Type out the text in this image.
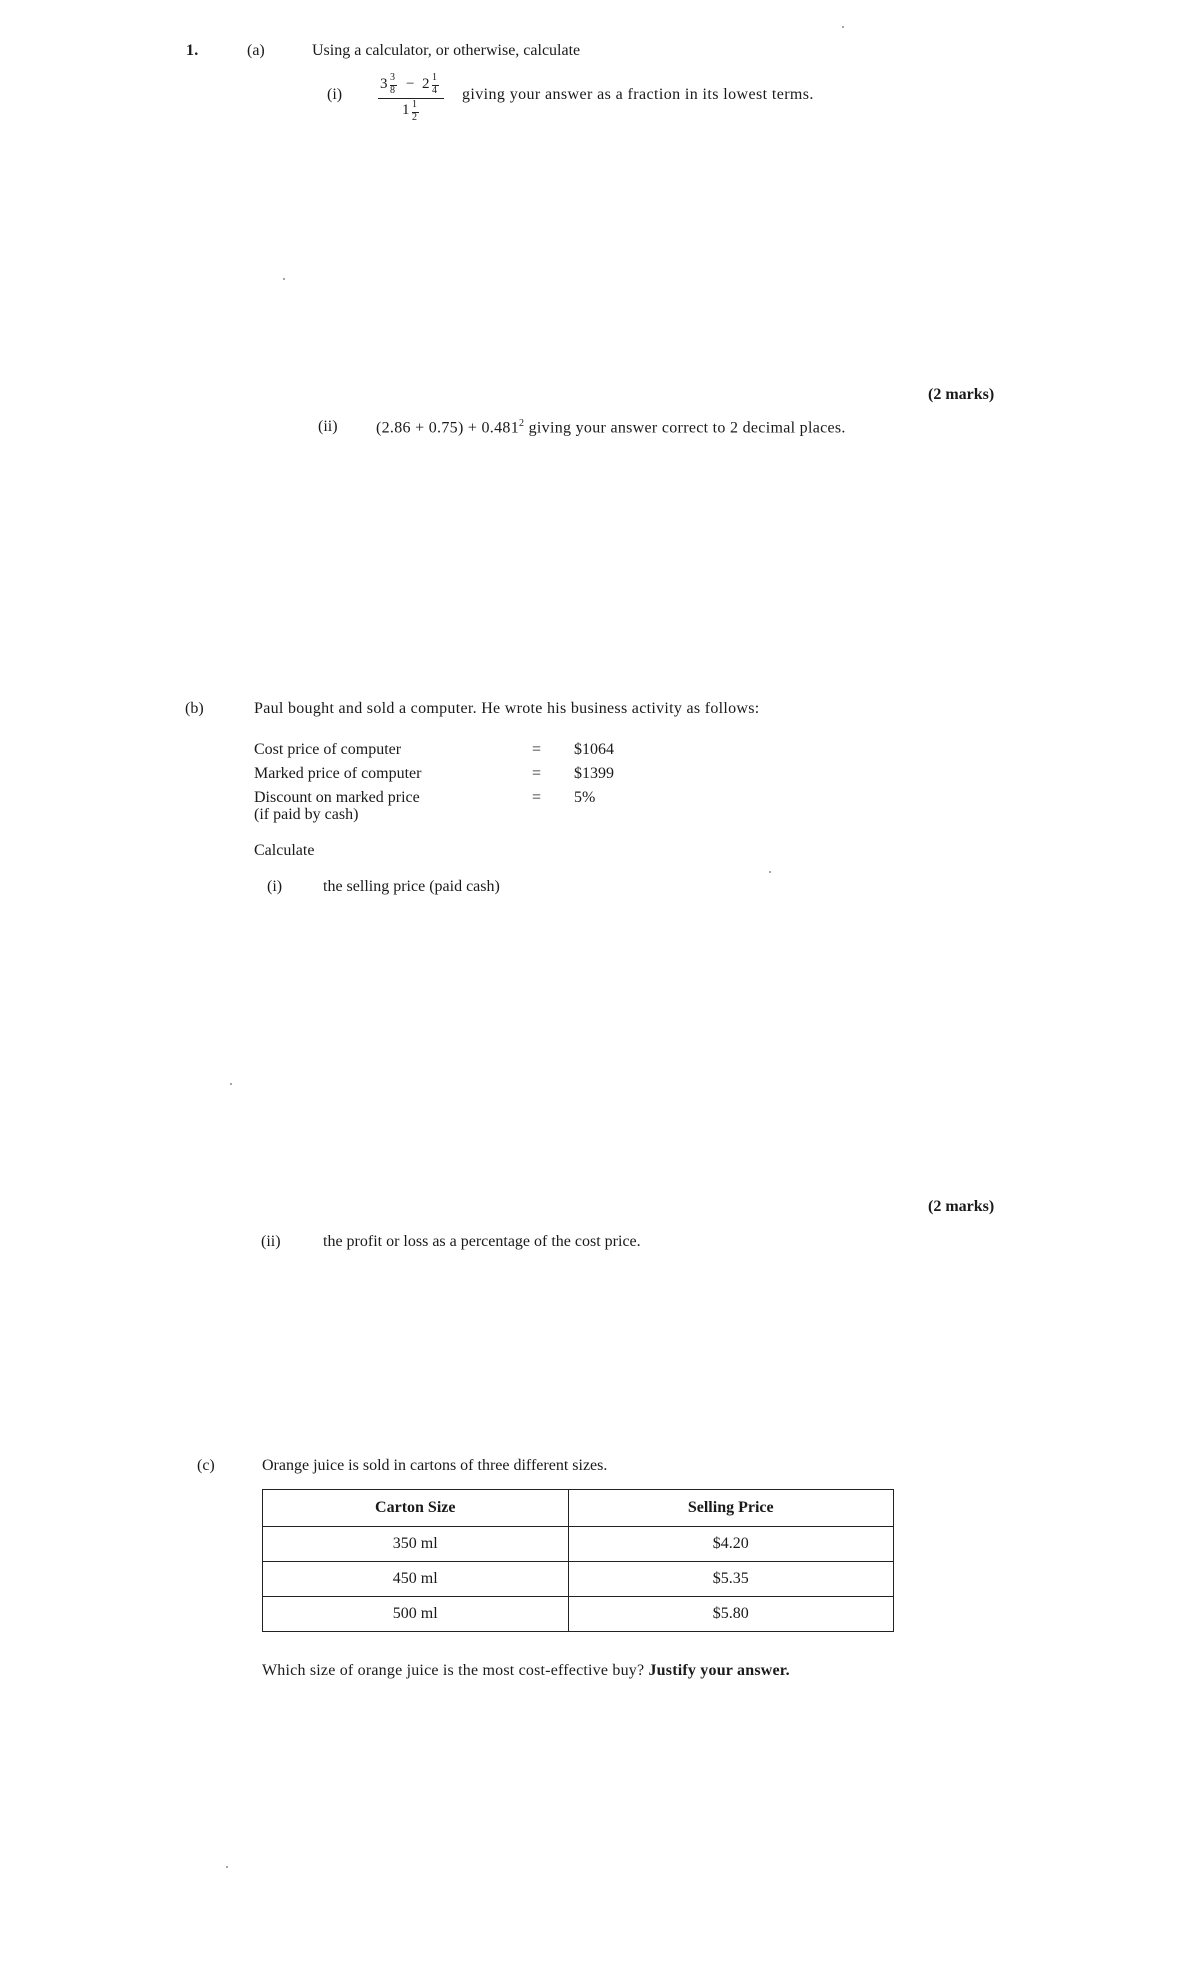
1.	(a)	Using a calculator, or otherwise, calculate
(i)
3 3
8 − 2 1
4
1 1
2
giving your answer as a fraction in its lowest terms.
(2 marks)
(ii) $(2.86 + 0.75) + 0.481^2$ giving your answer correct to 2 decimal places.
(b)	Paul bought and sold a computer. He wrote his business activity as follows:
Cost price of computer	= $1064
Marked price of computer	= $1399
Discount on marked price	= 5%
(if paid by cash)
Calculate
(i)	the selling price (paid cash)
(2 marks)
(ii)	the profit or loss as a percentage of the cost price.
(c)	Orange juice is sold in cartons of three different sizes.
Carton Size	Selling Price
350 ml	$4.20
450 ml	$5.35
500 ml	$5.80
Which size of orange juice is the most cost-effective buy? Justify your answer.
